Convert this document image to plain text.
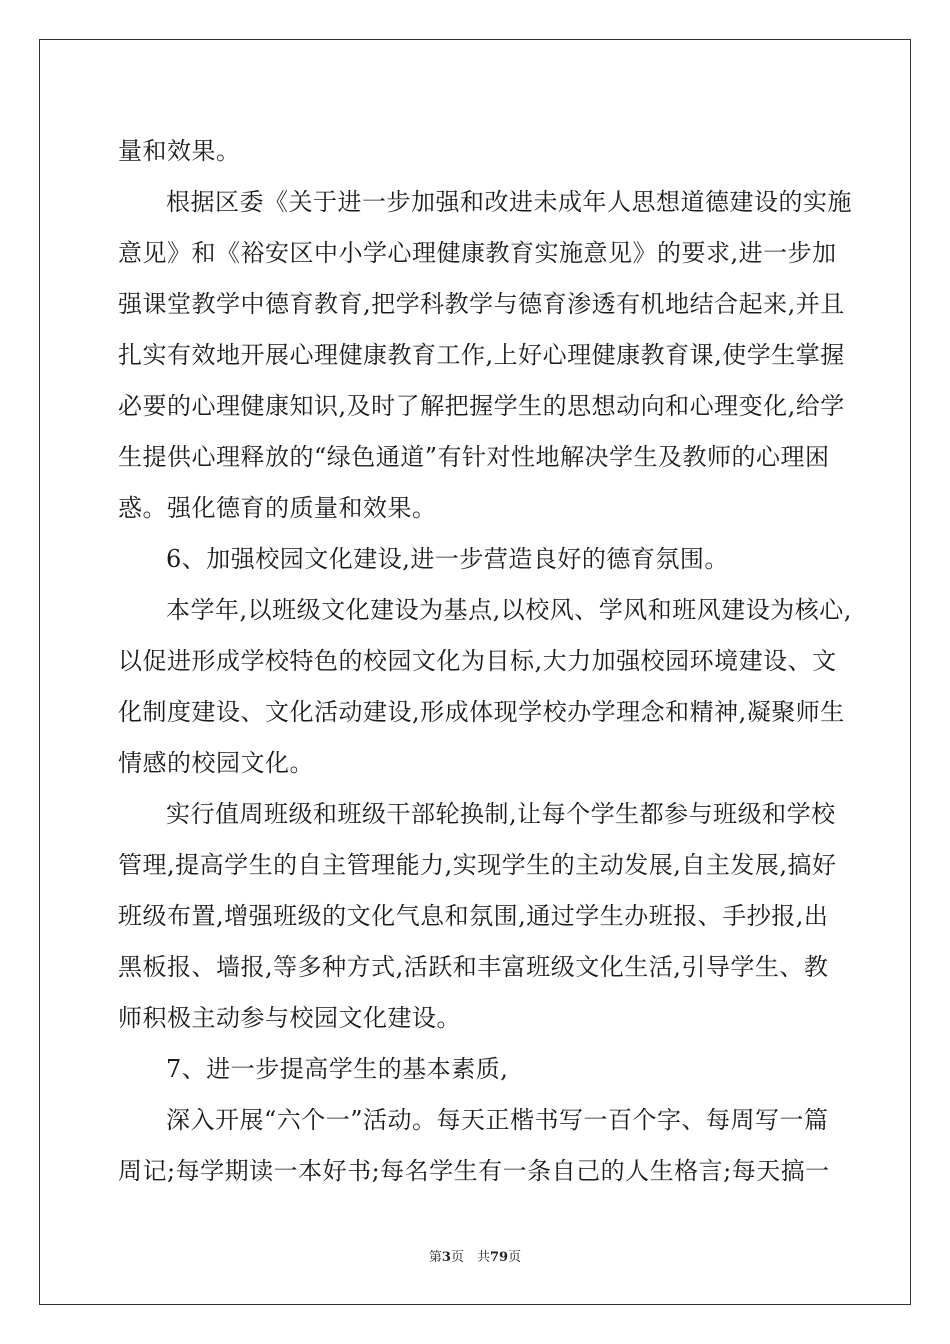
量和效果。
根据区委《关于进一步加强和改进未成年人思想道德建设的实施
意见》和《裕安区中小学心理健康教育实施意见》的要求,进一步加
强课堂教学中德育教育,把学科教学与德育渗透有机地结合起来,并且
扎实有效地开展心理健康教育工作,上好心理健康教育课,使学生掌握
必要的心理健康知识,及时了解把握学生的思想动向和心理变化,给学
生提供心理释放的“绿色通道”有针对性地解决学生及教师的心理困
惑。强化德育的质量和效果。
6、加强校园文化建设,进一步营造良好的德育氛围。
本学年,以班级文化建设为基点,以校风、学风和班风建设为核心,
以促进形成学校特色的校园文化为目标,大力加强校园环境建设、文
化制度建设、文化活动建设,形成体现学校办学理念和精神,凝聚师生
情感的校园文化。
实行值周班级和班级干部轮换制,让每个学生都参与班级和学校
管理,提高学生的自主管理能力,实现学生的主动发展,自主发展,搞好
班级布置,增强班级的文化气息和氛围,通过学生办班报、手抄报,出
黑板报、墙报,等多种方式,活跃和丰富班级文化生活,引导学生、教
师积极主动参与校园文化建设。
7、进一步提高学生的基本素质,
深入开展“六个一”活动。每天正楷书写一百个字、每周写一篇
周记;每学期读一本好书;每名学生有一条自己的人生格言;每天搞一
第3页　共79页
